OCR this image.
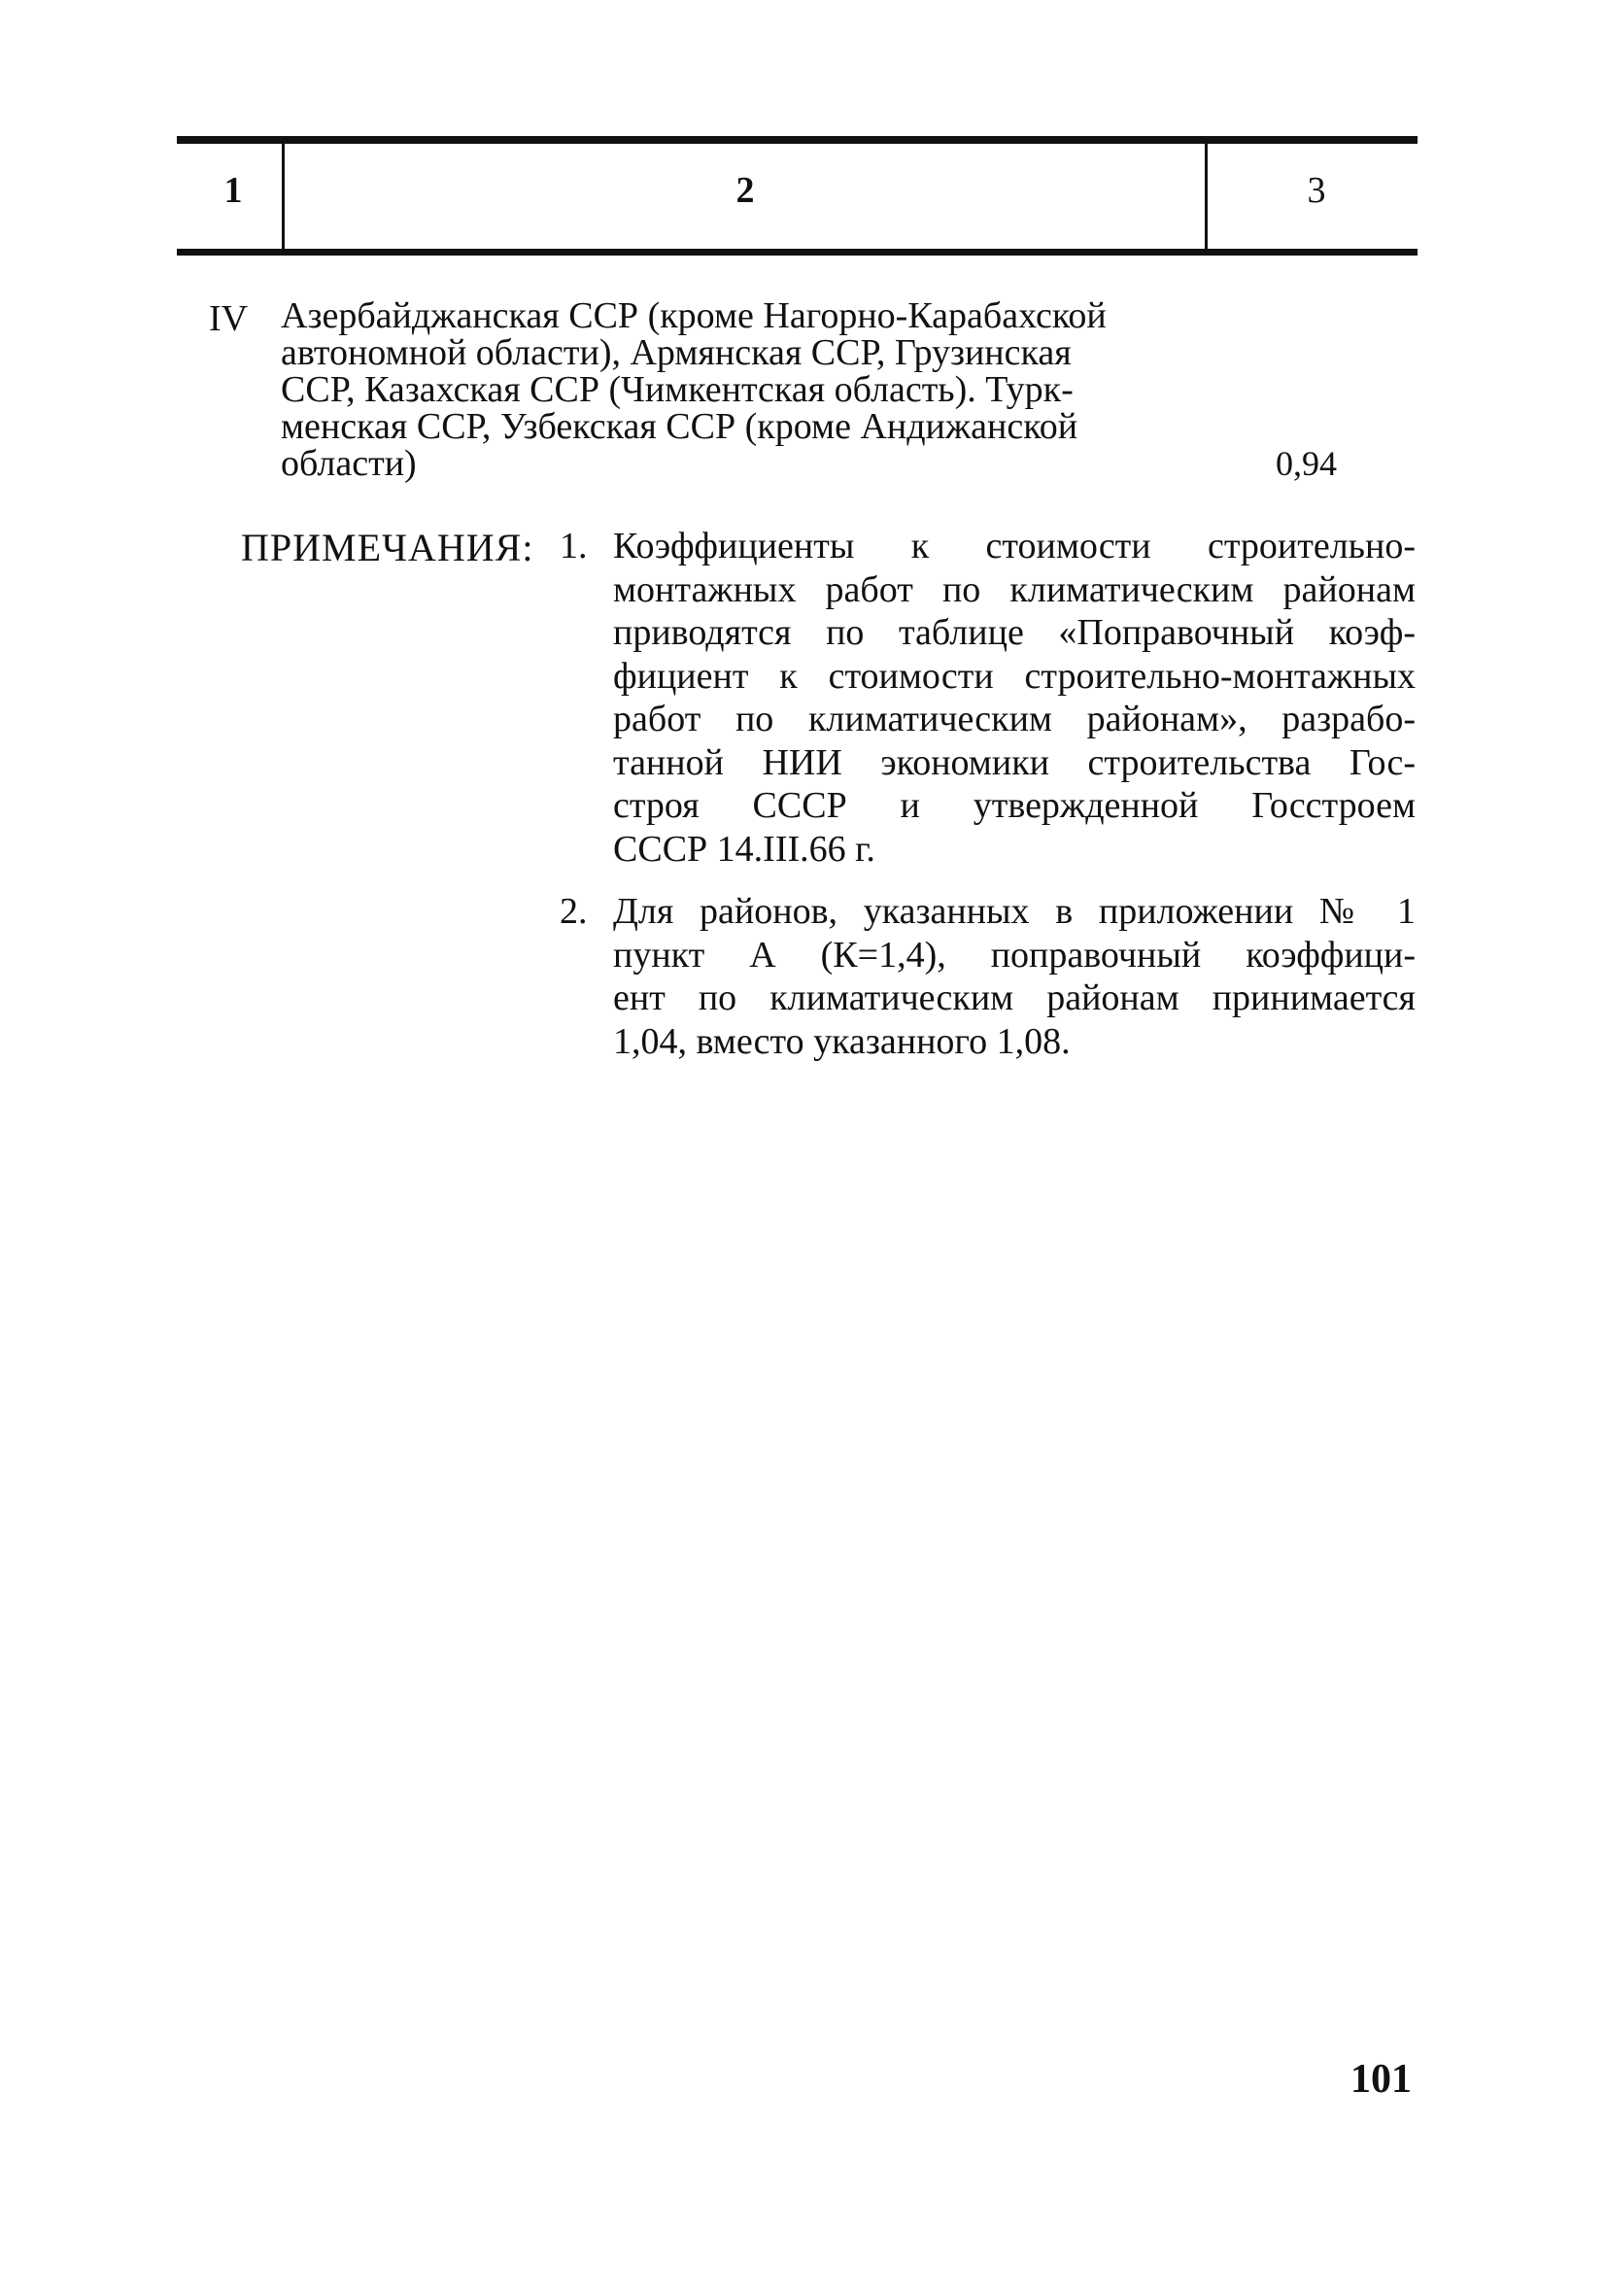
1	2	3
IV Азербайджанская ССР (кроме Нагорно-Карабахской
автономной области), Армянская ССР, Грузинская
ССР, Казахская ССР (Чимкентская область). Турк-
менская ССР, Узбекская ССР (кроме Андижанской
области)	0,94
ПРИМЕЧАНИЯ: 1. Коэффициенты к стоимости строительно-
монтажных работ по климатическим районам
приводятся по таблице «Поправочный коэф-
фициент к стоимости строительно-монтажных
работ по климатическим районам», разрабо-
танной НИИ экономики строительства Гос-
строя СССР и утвержденной Госстроем
СССР 14.III.66 г.
2. Для районов, указанных в приложении № 1
пункт А (К=1,4), поправочный коэффици-
ент по климатическим районам принимается
1,04, вместо указанного 1,08.
101
